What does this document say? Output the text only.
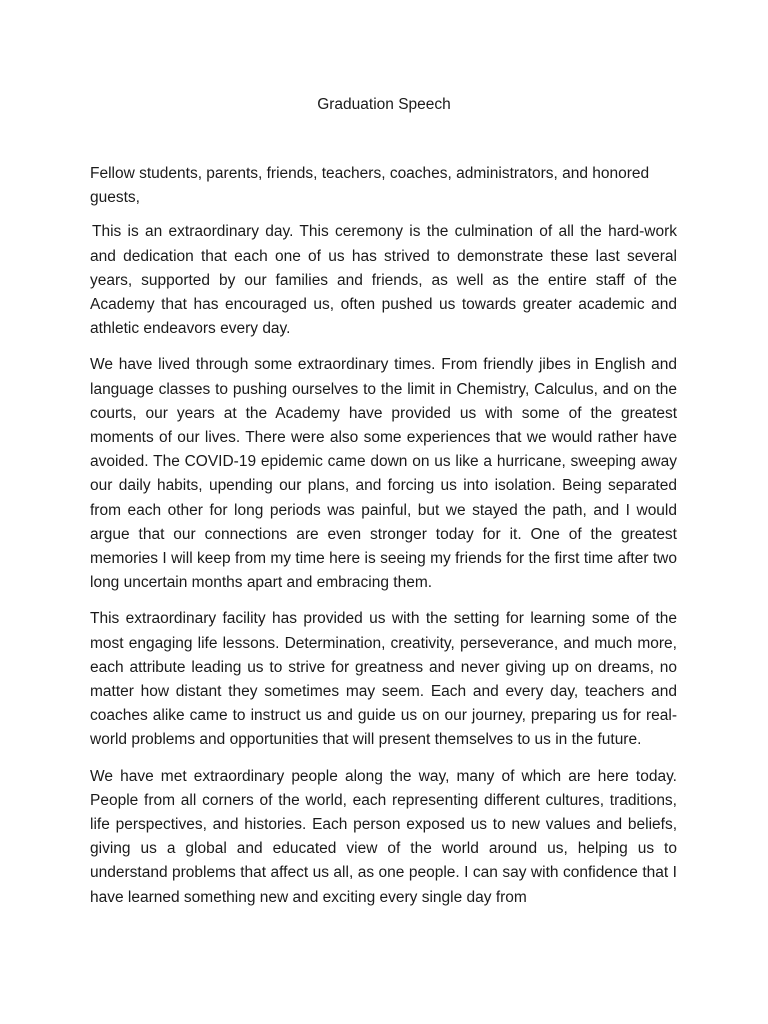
Graduation Speech

Fellow students, parents, friends, teachers, coaches, administrators, and honored guests,

This is an extraordinary day. This ceremony is the culmination of all the hard-work and dedication that each one of us has strived to demonstrate these last several years, supported by our families and friends, as well as the entire staff of the Academy that has encouraged us, often pushed us towards greater academic and athletic endeavors every day.

We have lived through some extraordinary times. From friendly jibes in English and language classes to pushing ourselves to the limit in Chemistry, Calculus, and on the courts, our years at the Academy have provided us with some of the greatest moments of our lives. There were also some experiences that we would rather have avoided. The COVID-19 epidemic came down on us like a hurricane, sweeping away our daily habits, upending our plans, and forcing us into isolation. Being separated from each other for long periods was painful, but we stayed the path, and I would argue that our connections are even stronger today for it. One of the greatest memories I will keep from my time here is seeing my friends for the first time after two long uncertain months apart and embracing them.

This extraordinary facility has provided us with the setting for learning some of the most engaging life lessons. Determination, creativity, perseverance, and much more, each attribute leading us to strive for greatness and never giving up on dreams, no matter how distant they sometimes may seem. Each and every day, teachers and coaches alike came to instruct us and guide us on our journey, preparing us for real-world problems and opportunities that will present themselves to us in the future.

We have met extraordinary people along the way, many of which are here today. People from all corners of the world, each representing different cultures, traditions, life perspectives, and histories. Each person exposed us to new values and beliefs, giving us a global and educated view of the world around us, helping us to understand problems that affect us all, as one people. I can say with confidence that I have learned something new and exciting every single day from
